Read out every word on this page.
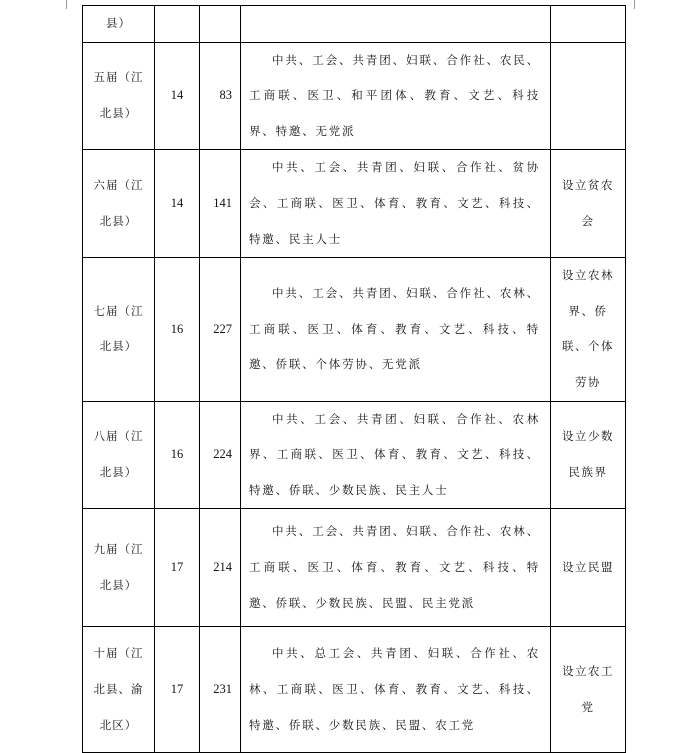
县）				
五届（江北县）	14	83	中共、工会、共青团、妇联、合作社、农民、工商联、医卫、和平团体、教育、文艺、科技界、特邀、无党派	
六届（江北县）	14	141	中共、工会、共青团、妇联、合作社、贫协会、工商联、医卫、体育、教育、文艺、科技、特邀、民主人士	设立贫农会
七届（江北县）	16	227	中共、工会、共青团、妇联、合作社、农林、工商联、医卫、体育、教育、文艺、科技、特邀、侨联、个体劳协、无党派	设立农林界、侨联、个体劳协
八届（江北县）	16	224	中共、工会、共青团、妇联、合作社、农林界、工商联、医卫、体育、教育、文艺、科技、特邀、侨联、少数民族、民主人士	设立少数民族界
九届（江北县）	17	214	中共、工会、共青团、妇联、合作社、农林、工商联、医卫、体育、教育、文艺、科技、特邀、侨联、少数民族、民盟、民主党派	设立民盟
十届（江北县、渝北区）	17	231	中共、总工会、共青团、妇联、合作社、农林、工商联、医卫、体育、教育、文艺、科技、特邀、侨联、少数民族、民盟、农工党	设立农工党
